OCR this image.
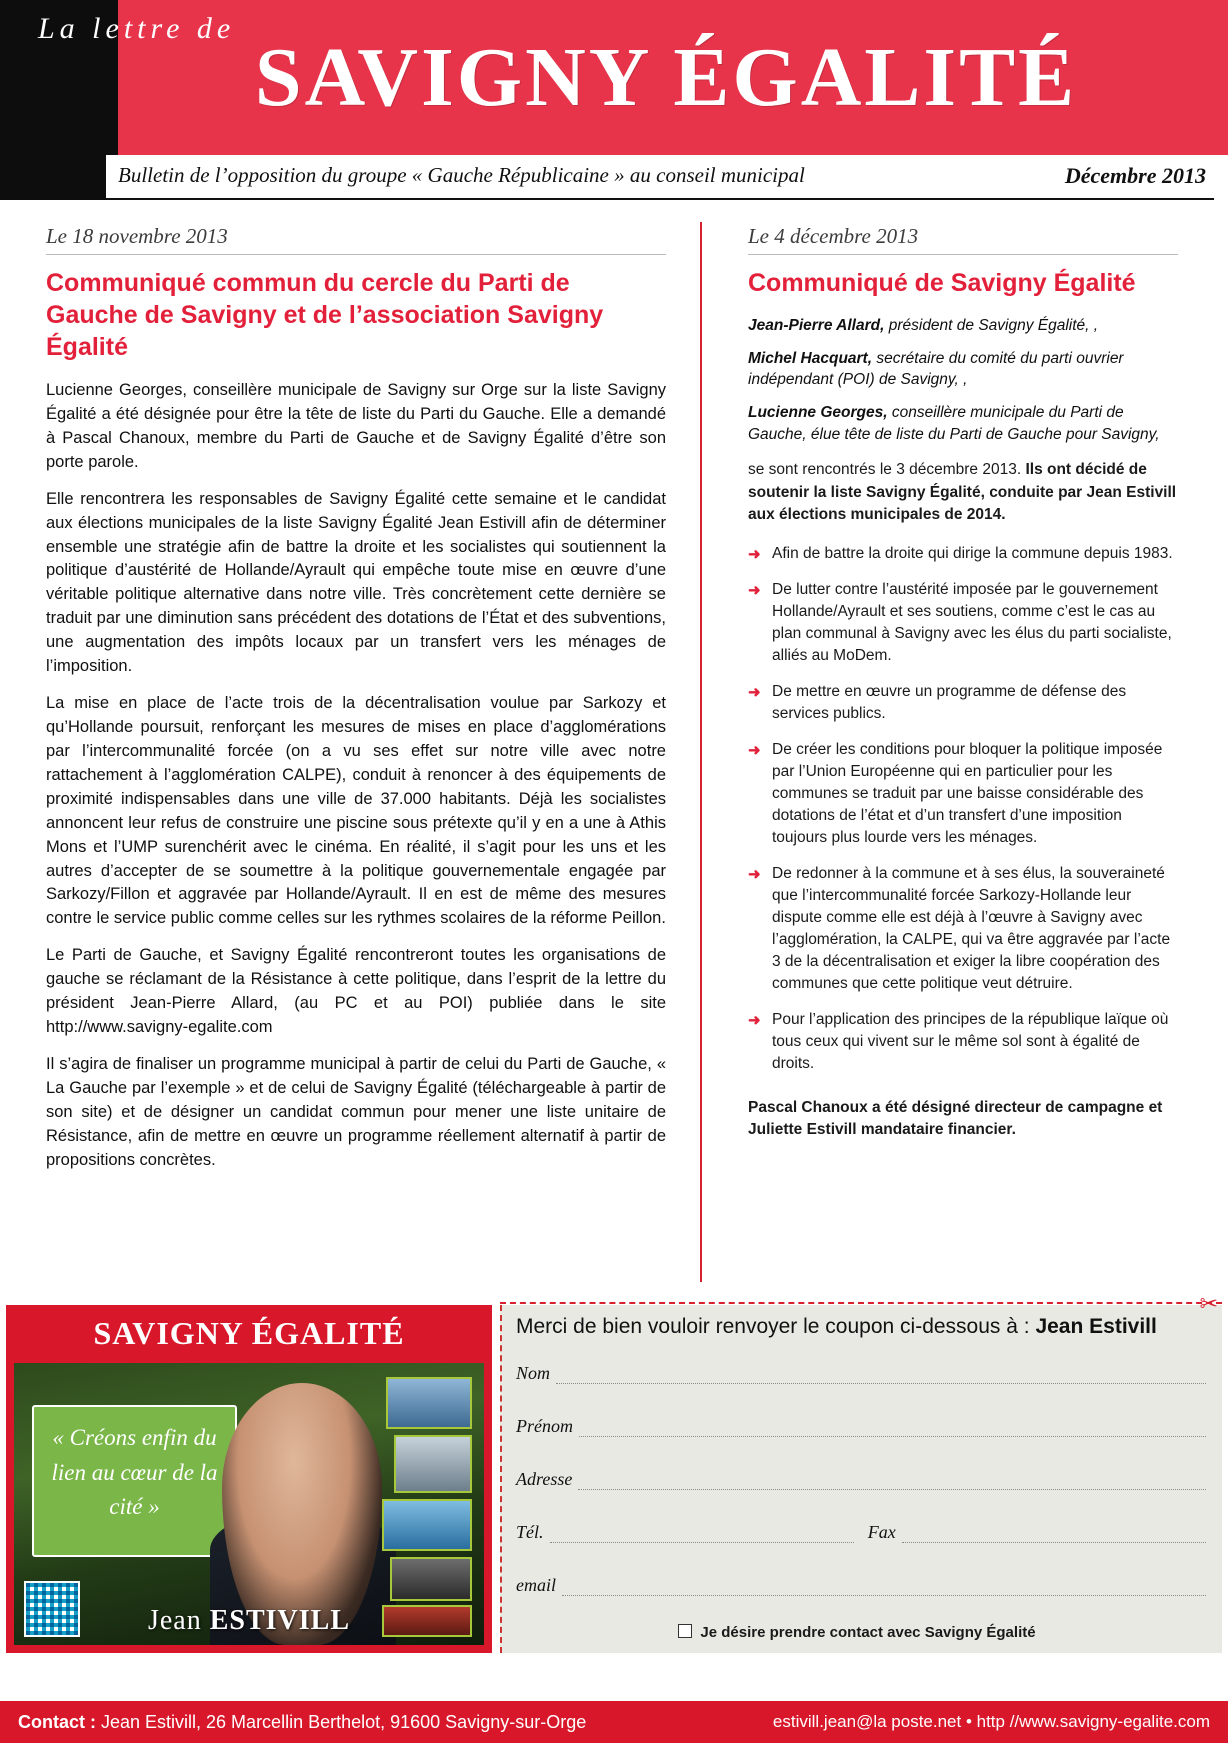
La lettre de
SAVIGNY ÉGALITÉ
Bulletin de l’opposition du groupe « Gauche Républicaine » au conseil municipal	Décembre 2013
Le 18 novembre 2013
Communiqué commun du cercle du Parti de Gauche de Savigny et de l’association Savigny Égalité

Lucienne Georges, conseillère municipale de Savigny sur Orge sur la liste Savigny Égalité a été désignée pour être la tête de liste du Parti du Gauche. Elle a demandé à Pascal Chanoux, membre du Parti de Gauche et de Savigny Égalité d’être son porte parole.

Elle rencontrera les responsables de Savigny Égalité cette semaine et le candidat aux élections municipales de la liste Savigny Égalité Jean Estivill afin de déterminer ensemble une stratégie afin de battre la droite et les socialistes qui soutiennent la politique d’austérité de Hollande/Ayrault qui empêche toute mise en œuvre d’une véritable politique alternative dans notre ville. Très concrètement cette dernière se traduit par une diminution sans précédent des dotations de l’État et des subventions, une augmentation des impôts locaux par un transfert vers les ménages de l’imposition.

La mise en place de l’acte trois de la décentralisation voulue par Sarkozy et qu’Hollande poursuit, renforçant les mesures de mises en place d’agglomérations par l’intercommunalité forcée (on a vu ses effet sur notre ville avec notre rattachement à l’agglomération CALPE), conduit à renoncer à des équipements de proximité indispensables dans une ville de 37.000 habitants. Déjà les socialistes annoncent leur refus de construire une piscine sous prétexte qu’il y en a une à Athis Mons et l’UMP surenchérit avec le cinéma. En réalité, il s’agit pour les uns et les autres d’accepter de se soumettre à la politique gouvernementale engagée par Sarkozy/Fillon et aggravée par Hollande/Ayrault. Il en est de même des mesures contre le service public comme celles sur les rythmes scolaires de la réforme Peillon.

Le Parti de Gauche, et Savigny Égalité rencontreront toutes les organisations de gauche se réclamant de la Résistance à cette politique, dans l’esprit de la lettre du président Jean-Pierre Allard, (au PC et au POI) publiée dans le site http://www.savigny-egalite.com

Il s’agira de finaliser un programme municipal à partir de celui du Parti de Gauche, « La Gauche par l’exemple » et de celui de Savigny Égalité (téléchargeable à partir de son site) et de désigner un candidat commun pour mener une liste unitaire de Résistance, afin de mettre en œuvre un programme réellement alternatif à partir de propositions concrètes.

Le 4 décembre 2013
Communiqué de Savigny Égalité

Jean-Pierre Allard, président de Savigny Égalité, ,

Michel Hacquart, secrétaire du comité du parti ouvrier indépendant (POI) de Savigny, ,

Lucienne Georges, conseillère municipale du Parti de Gauche, élue tête de liste du Parti de Gauche pour Savigny,

se sont rencontrés le 3 décembre 2013. Ils ont décidé de soutenir la liste Savigny Égalité, conduite par Jean Estivill aux élections municipales de 2014.

➜ Afin de battre la droite qui dirige la commune depuis 1983.
➜ De lutter contre l’austérité imposée par le gouvernement Hollande/Ayrault et ses soutiens, comme c’est le cas au plan communal à Savigny avec les élus du parti socialiste, alliés au MoDem.
➜ De mettre en œuvre un programme de défense des services publics.
➜ De créer les conditions pour bloquer la politique imposée par l’Union Européenne qui en particulier pour les communes se traduit par une baisse considérable des dotations de l’état et d’un transfert d’une imposition toujours plus lourde vers les ménages.
➜ De redonner à la commune et à ses élus, la souveraineté que l’intercommunalité forcée Sarkozy-Hollande leur dispute comme elle est déjà à l’œuvre à Savigny avec l’agglomération, la CALPE, qui va être aggravée par l’acte 3 de la décentralisation et exiger la libre coopération des communes que cette politique veut détruire.
➜ Pour l’application des principes de la république laïque où tous ceux qui vivent sur le même sol sont à égalité de droits.

Pascal Chanoux a été désigné directeur de campagne et Juliette Estivill mandataire financier.

SAVIGNY ÉGALITÉ
« Créons enfin du lien au cœur de la cité »
Jean ESTIVILL
✂
Merci de bien vouloir renvoyer le coupon ci-dessous à : Jean Estivill
Nom
Prénom
Adresse
Tél.	Fax
email
Je désire prendre contact avec Savigny Égalité
Contact : Jean Estivill, 26 Marcellin Berthelot, 91600 Savigny-sur-Orge	estivill.jean@la poste.net • http //www.savigny-egalite.com
